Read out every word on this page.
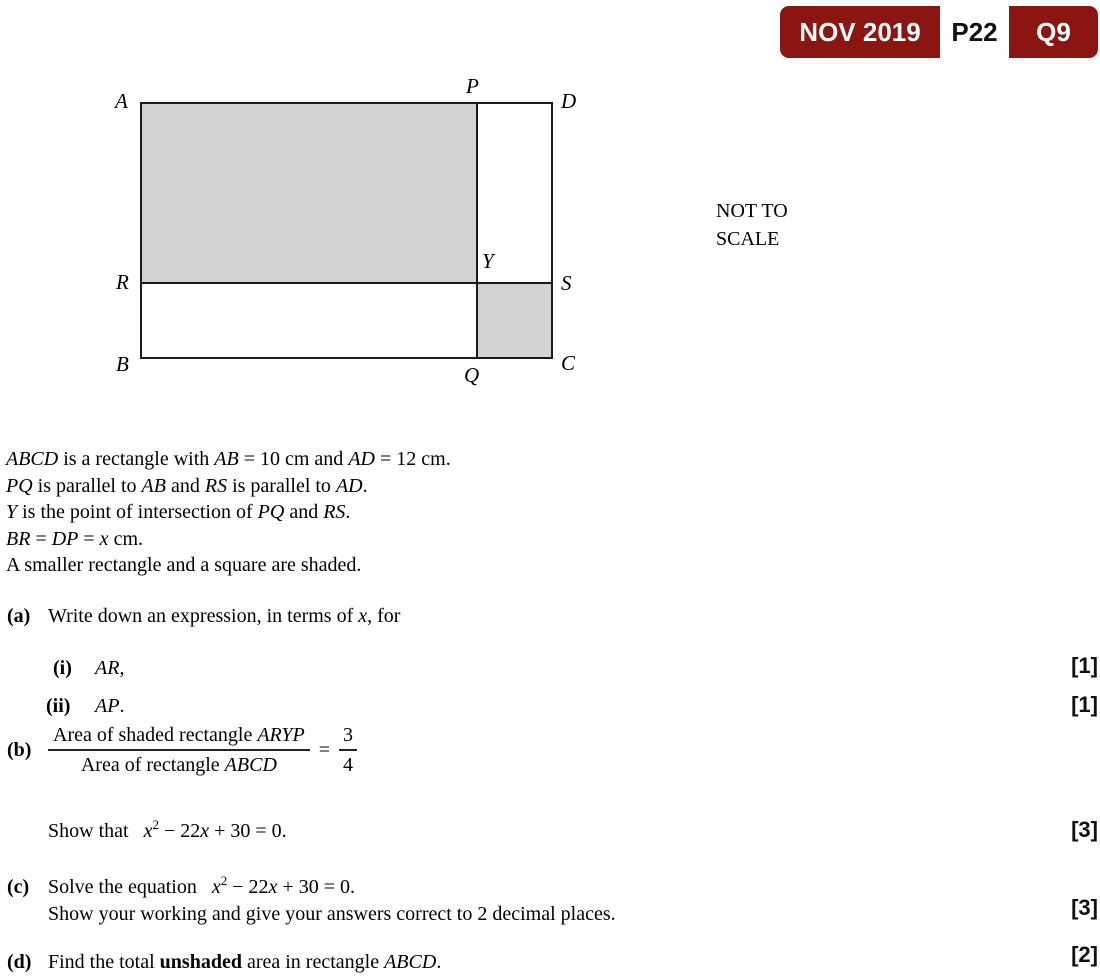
NOV 2019	P22	Q9
A
P
D
R
Y
S
B	Q	C
NOT TO
SCALE
ABCD is a rectangle with AB = 10 cm and AD = 12 cm.
PQ is parallel to AB and RS is parallel to AD.
Y is the point of intersection of PQ and RS.
BR = DP = x cm.
A smaller rectangle and a square are shaded.
(a) Write down an expression, in terms of x, for
(i) AR,	[1]
(ii) AP.	[1]
$(b) \frac{\text{Area of shaded rectangle ARYP}}{\text{Area of rectangle ABCD}} = \frac{3}{4}$
Show that   $x^2 - 22x + 30 = 0$.	[3]
(c) Solve the equation   $x^2 - 22x + 30 = 0$.
Show your working and give your answers correct to 2 decimal places.	[3]
(d) Find the total unshaded area in rectangle ABCD.	[2]
